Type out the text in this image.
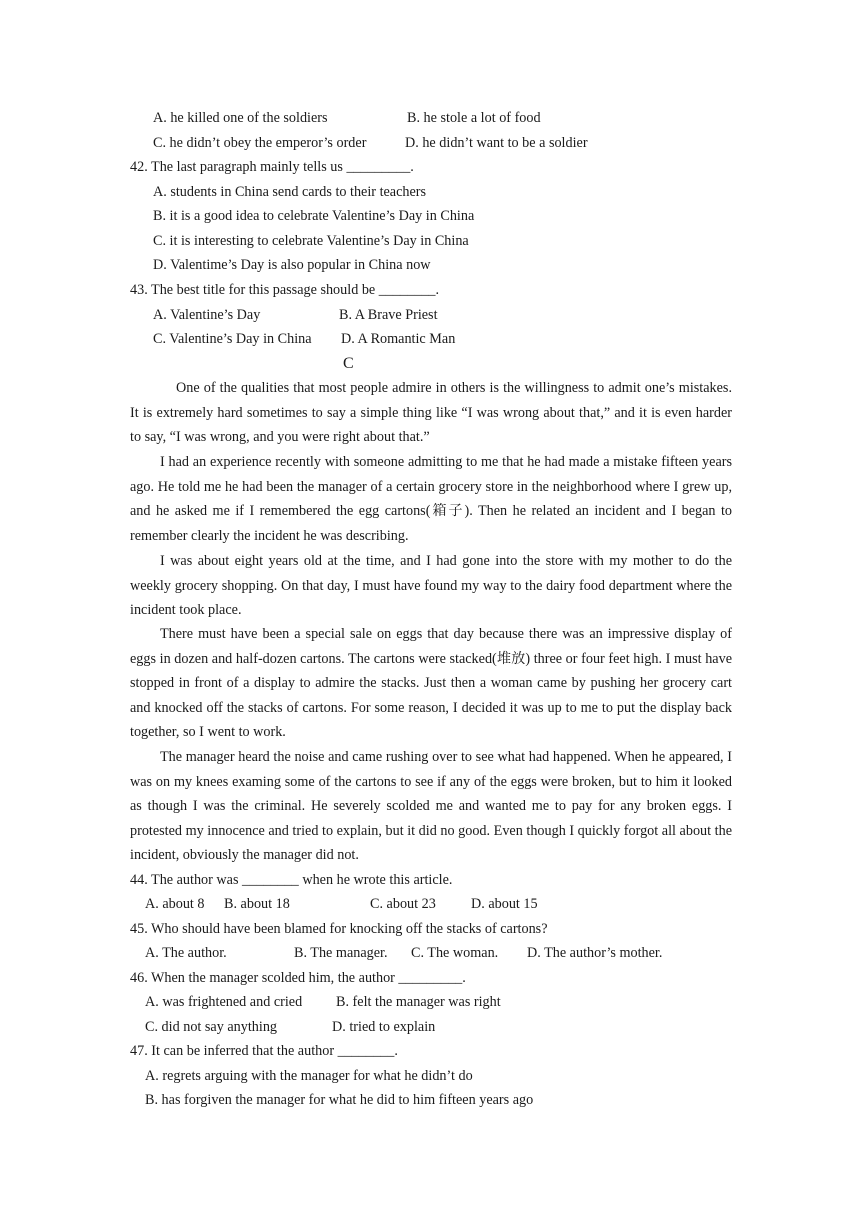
A. he killed one of the soldiers	B. he stole a lot of food
C. he didn’t obey the emperor’s order	D. he didn’t want to be a soldier
42. The last paragraph mainly tells us _________.
A. students in China send cards to their teachers
B. it is a good idea to celebrate Valentine’s Day in China
C. it is interesting to celebrate Valentine’s Day in China
D. Valentime’s Day is also popular in China now
43. The best title for this passage should be ________.
A. Valentine’s Day	B. A Brave Priest
C. Valentine’s Day in China D. A Romantic Man
C

One of the qualities that most people admire in others is the willingness to admit one’s mistakes. It is extremely hard sometimes to say a simple thing like “I was wrong about that,” and it is even harder to say, “I was wrong, and you were right about that.”

I had an experience recently with someone admitting to me that he had made a mistake fifteen years ago. He told me he had been the manager of a certain grocery store in the neighborhood where I grew up, and he asked me if I remembered the egg cartons(箱子). Then he related an incident and I began to remember clearly the incident he was describing.

I was about eight years old at the time, and I had gone into the store with my mother to do the weekly grocery shopping. On that day, I must have found my way to the dairy food department where the incident took place.

There must have been a special sale on eggs that day because there was an impressive display of eggs in dozen and half-dozen cartons. The cartons were stacked(堆放) three or four feet high. I must have stopped in front of a display to admire the stacks. Just then a woman came by pushing her grocery cart and knocked off the stacks of cartons. For some reason, I decided it was up to me to put the display back together, so I went to work.

The manager heard the noise and came rushing over to see what had happened. When he appeared, I was on my knees examing some of the cartons to see if any of the eggs were broken, but to him it looked as though I was the criminal. He severely scolded me and wanted me to pay for any broken eggs. I protested my innocence and tried to explain, but it did no good. Even though I quickly forgot all about the incident, obviously the manager did not.

44. The author was ________ when he wrote this article.
A. about 8 B. about 18	C. about 23 D. about 15
45. Who should have been blamed for knocking off the stacks of cartons?
A. The author.	B. The manager. C. The woman. D. The author’s mother.
46. When the manager scolded him, the author _________.
A. was frightened and cried B. felt the manager was right
C. did not say anything	D. tried to explain
47. It can be inferred that the author ________.
A. regrets arguing with the manager for what he didn’t do
B. has forgiven the manager for what he did to him fifteen years ago
